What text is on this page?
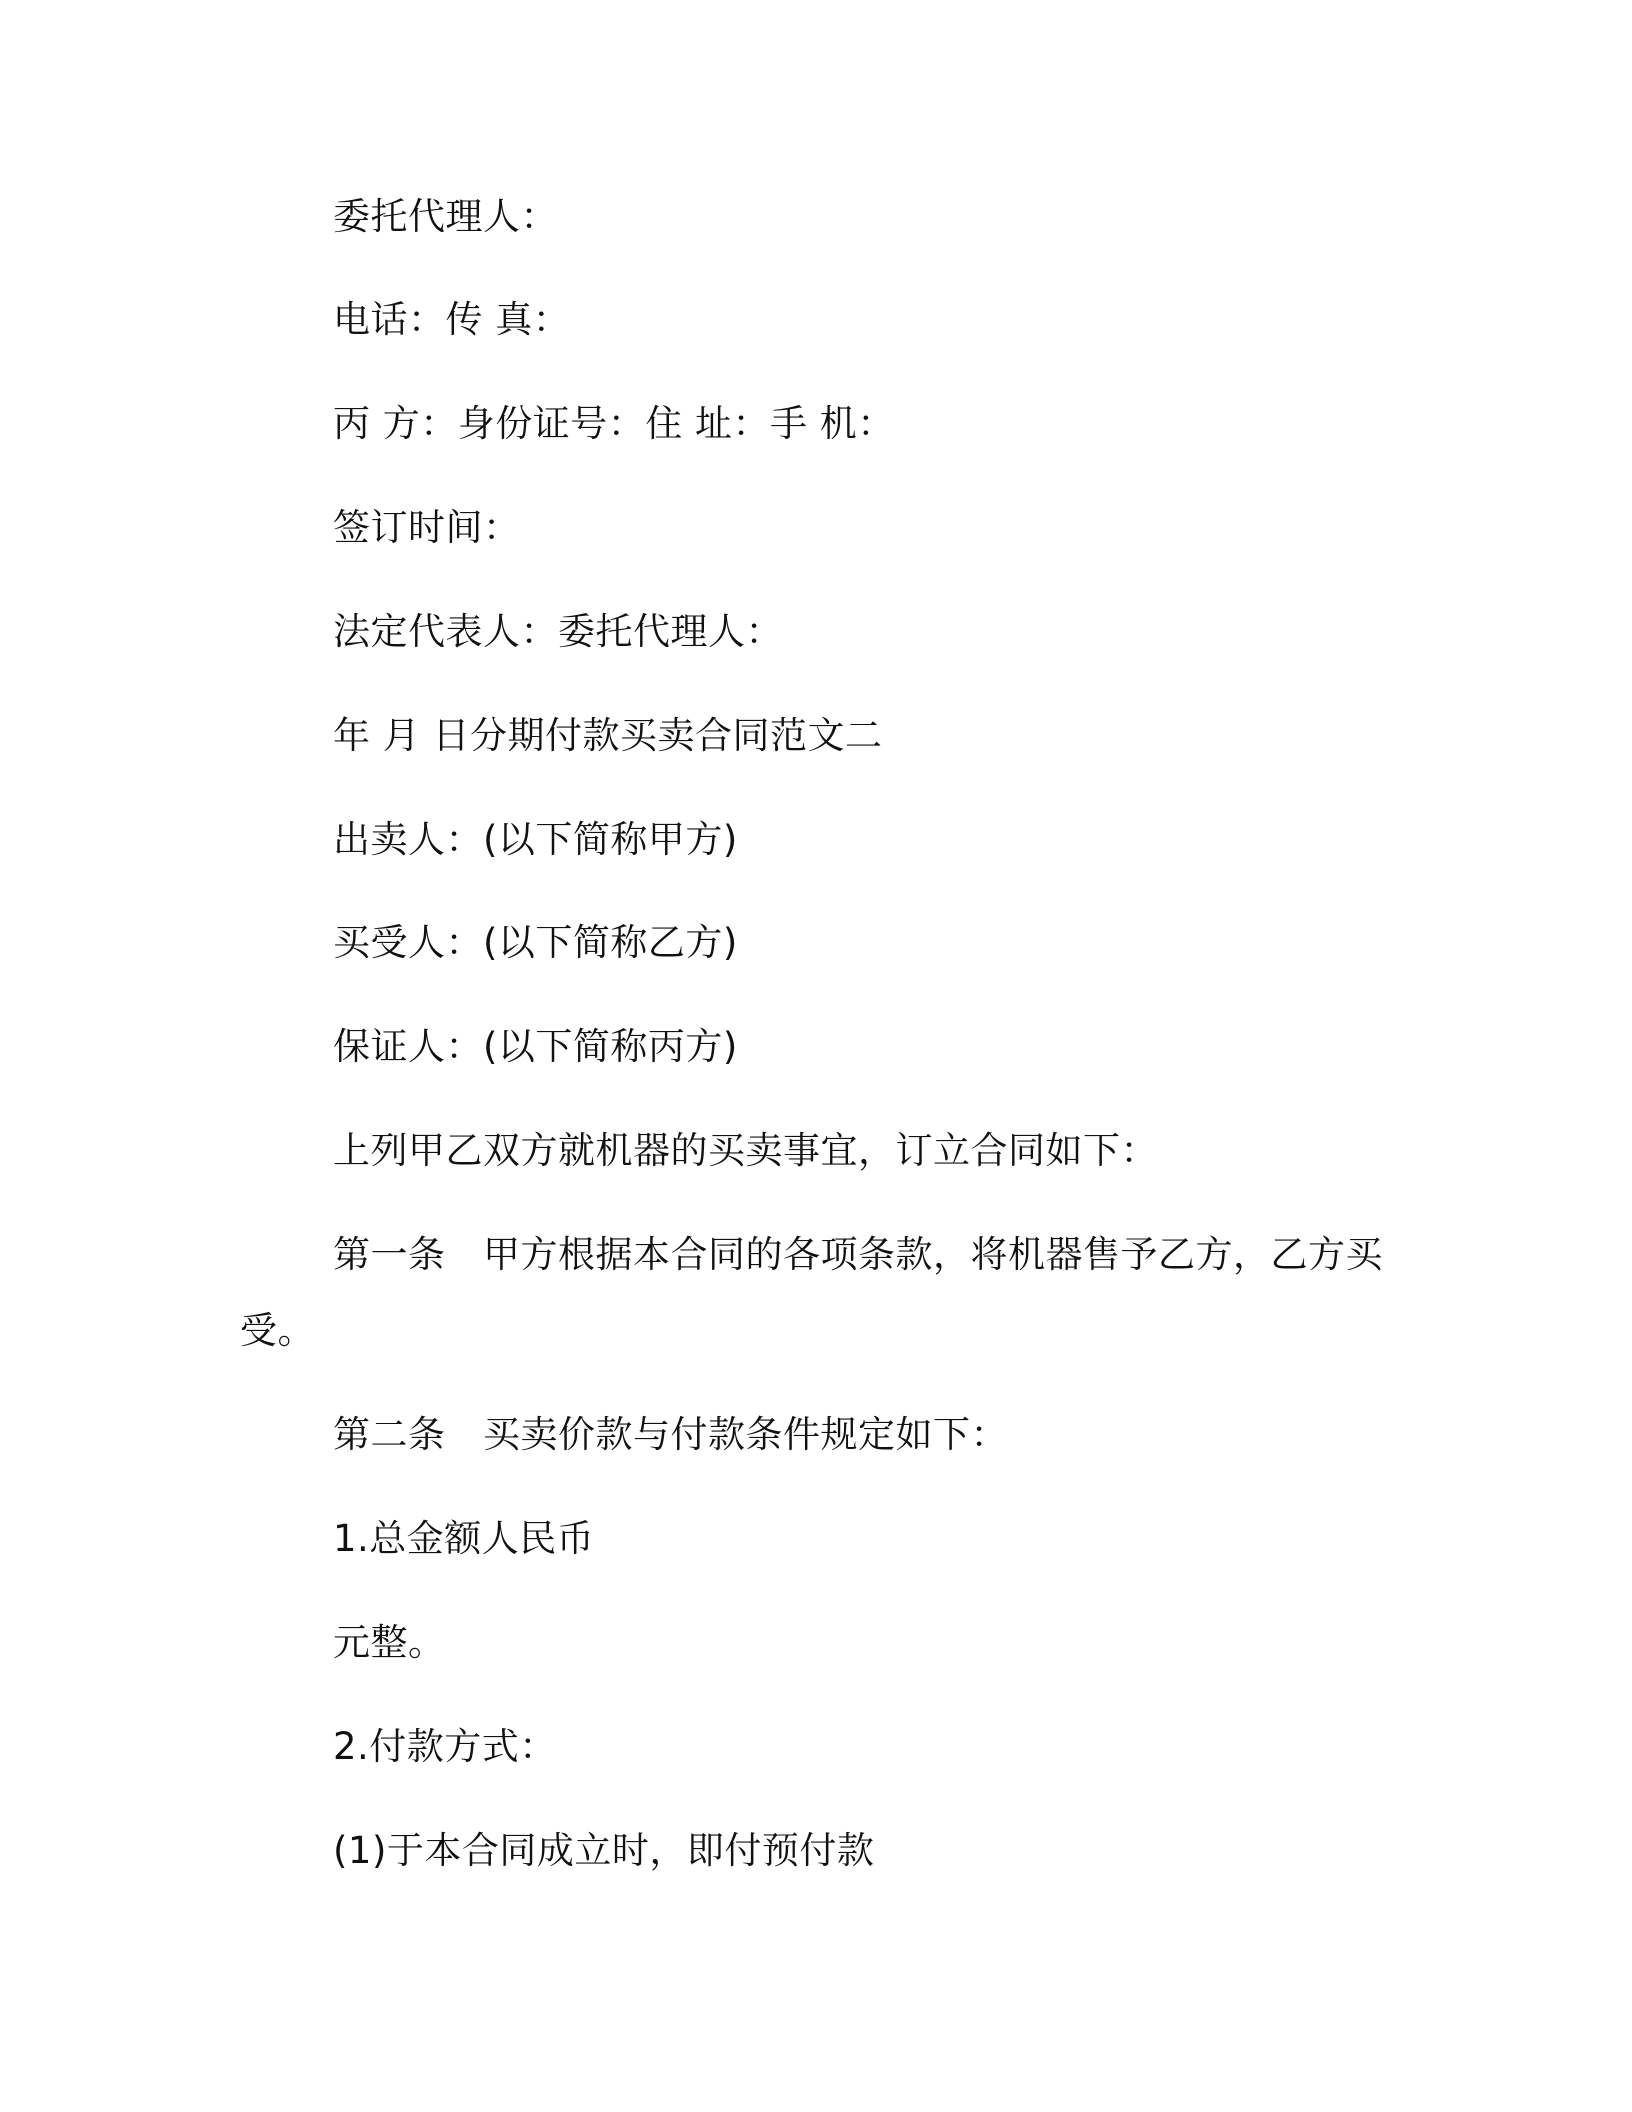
委托代理人：
电话：传 真：
丙 方：身份证号：住 址：手 机：
签订时间：
法定代表人：委托代理人：
年 月 日分期付款买卖合同范文二
出卖人：(以下简称甲方)
买受人：(以下简称乙方)
保证人：(以下简称丙方)
上列甲乙双方就机器的买卖事宜，订立合同如下：
第一条　甲方根据本合同的各项条款，将机器售予乙方，乙方买
受。
第二条　买卖价款与付款条件规定如下：
1.总金额人民币
元整。
2.付款方式：
(1)于本合同成立时，即付预付款
